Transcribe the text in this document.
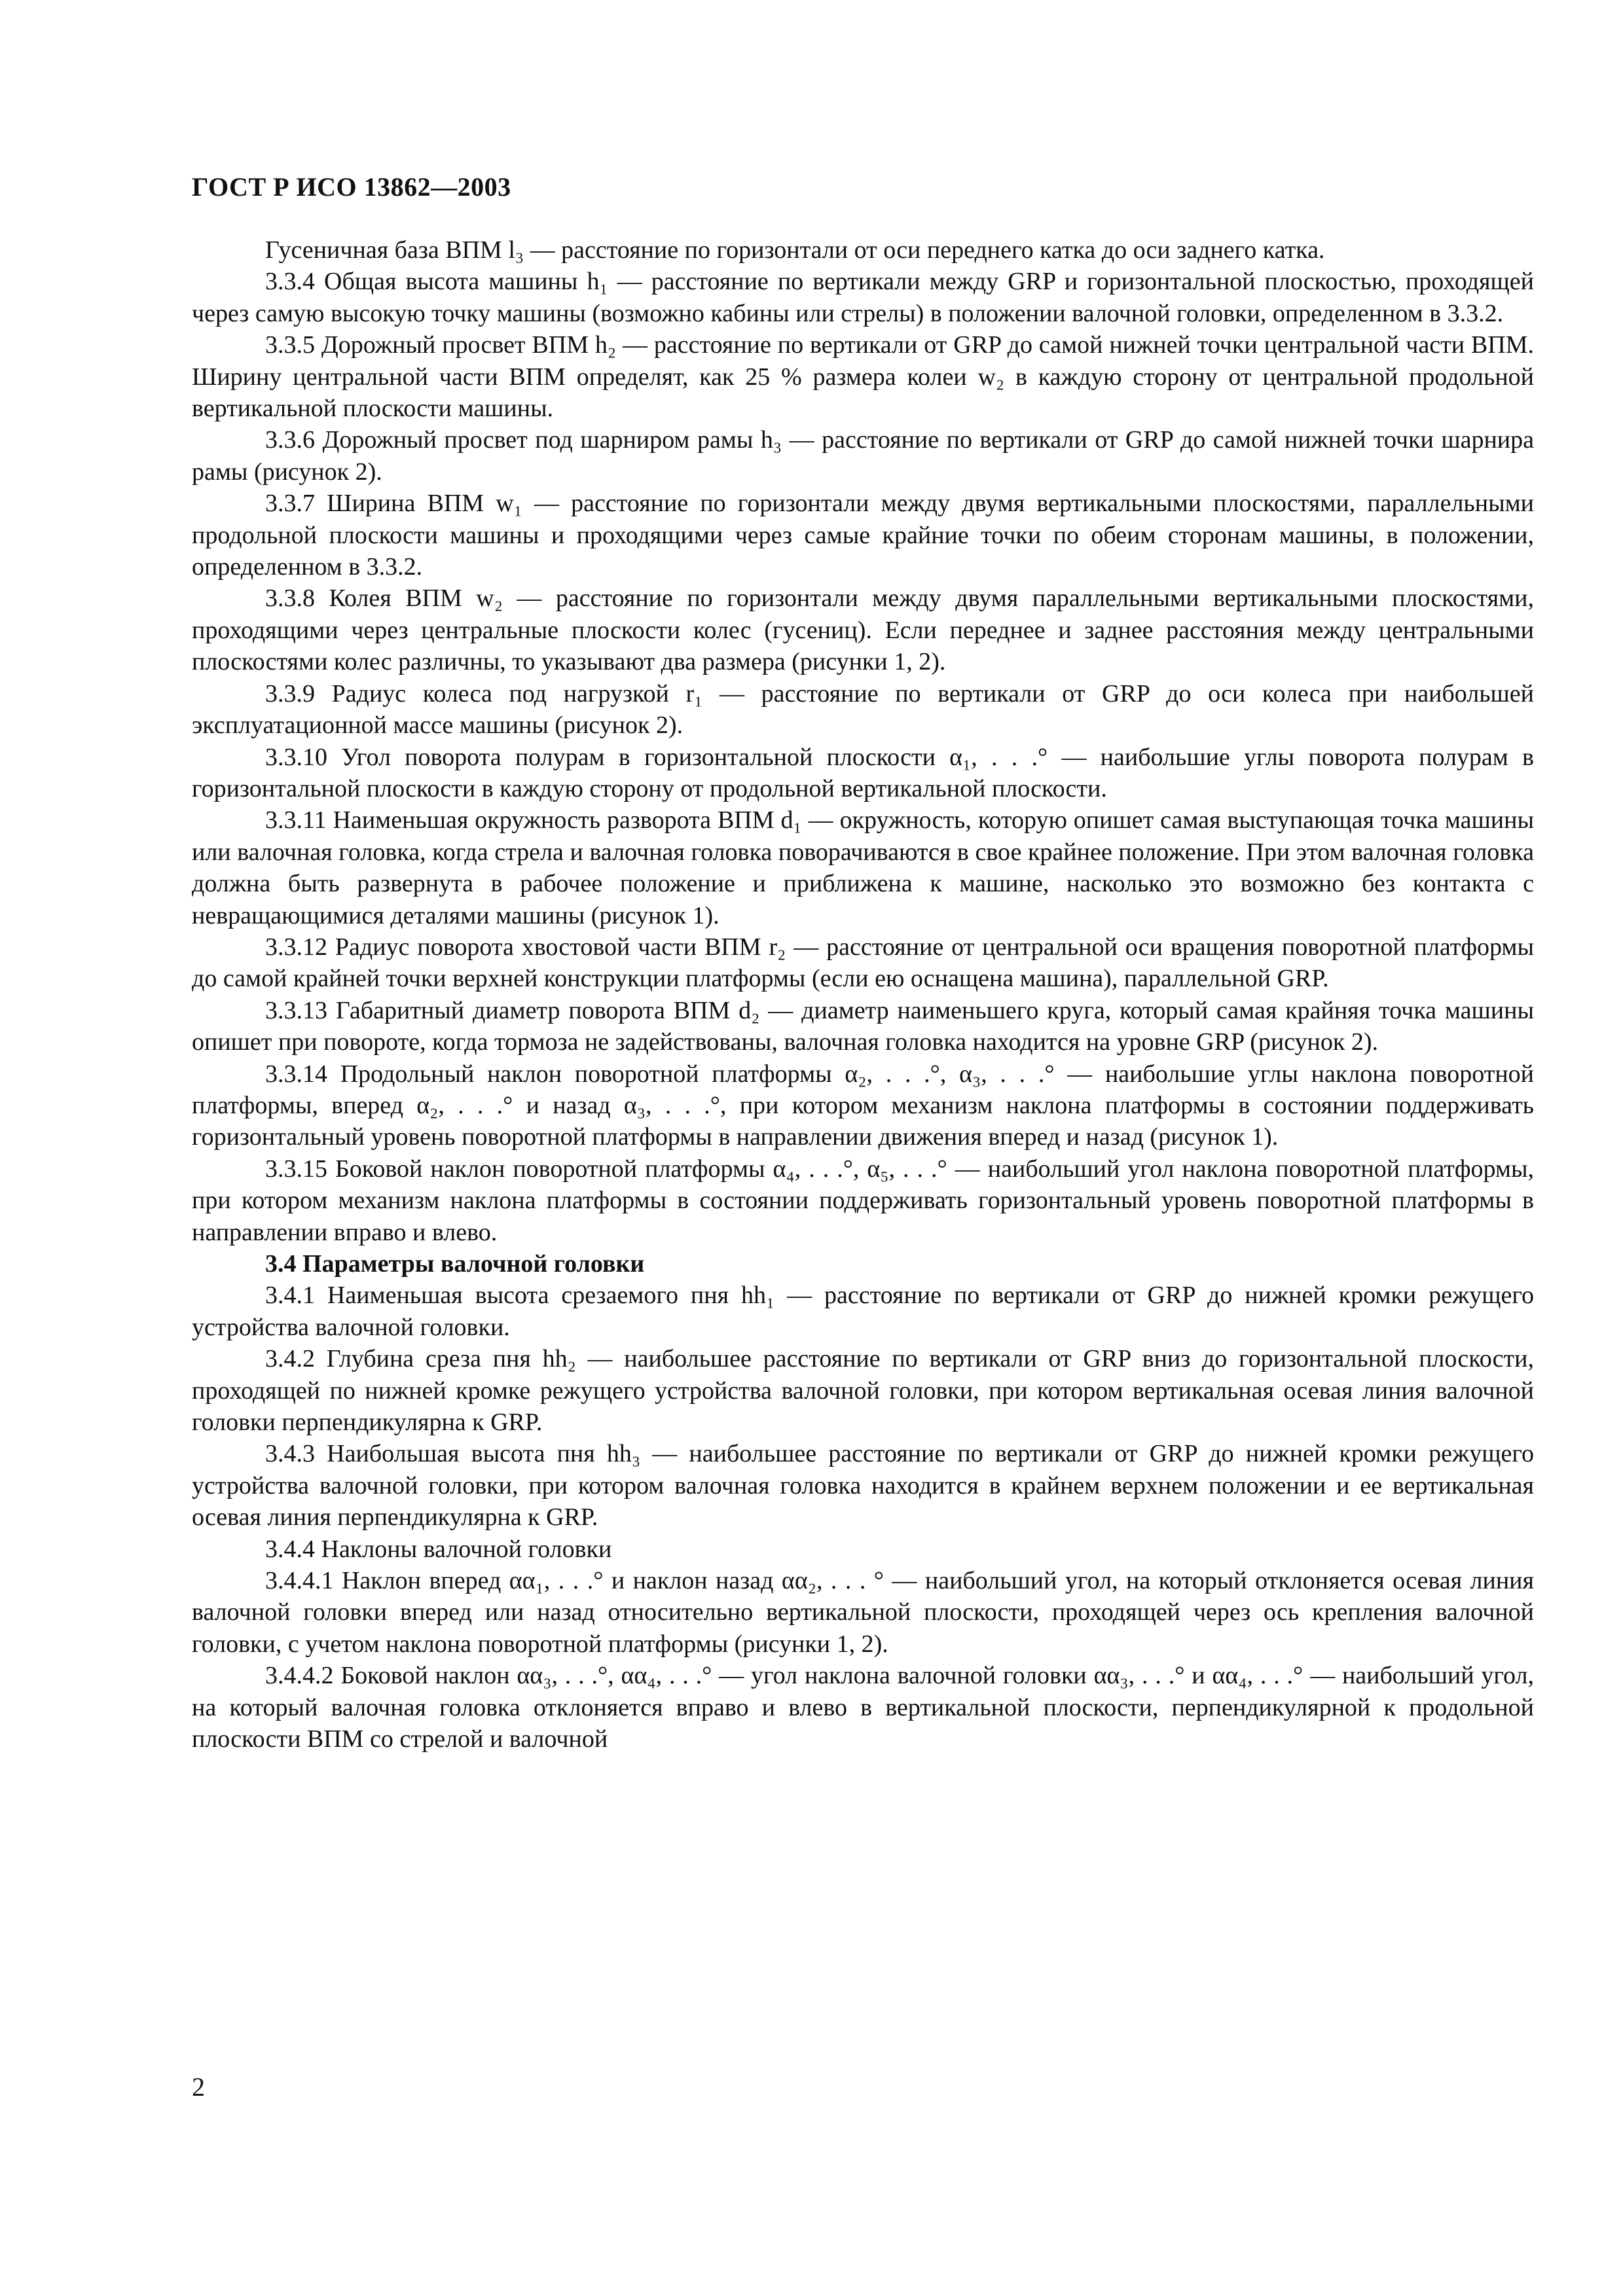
ГОСТ Р ИСО 13862—2003

Гусеничная база ВПМ l₃ — расстояние по горизонтали от оси переднего катка до оси заднего катка.

3.3.4 Общая высота машины h₁ — расстояние по вертикали между GRP и горизонтальной плоскостью, проходящей через самую высокую точку машины (возможно кабины или стрелы) в положении валочной головки, определенном в 3.3.2.

3.3.5 Дорожный просвет ВПМ h₂ — расстояние по вертикали от GRP до самой нижней точки центральной части ВПМ. Ширину центральной части ВПМ определят, как 25 % размера колеи w₂ в каждую сторону от центральной продольной вертикальной плоскости машины.

3.3.6 Дорожный просвет под шарниром рамы h₃ — расстояние по вертикали от GRP до самой нижней точки шарнира рамы (рисунок 2).

3.3.7 Ширина ВПМ w₁ — расстояние по горизонтали между двумя вертикальными плоскостями, параллельными продольной плоскости машины и проходящими через самые крайние точки по обеим сторонам машины, в положении, определенном в 3.3.2.

3.3.8 Колея ВПМ w₂ — расстояние по горизонтали между двумя параллельными вертикальными плоскостями, проходящими через центральные плоскости колес (гусениц). Если переднее и заднее расстояния между центральными плоскостями колес различны, то указывают два размера (рисунки 1, 2).

3.3.9 Радиус колеса под нагрузкой r₁ — расстояние по вертикали от GRP до оси колеса при наибольшей эксплуатационной массе машины (рисунок 2).

3.3.10 Угол поворота полурам в горизонтальной плоскости α₁, . . .° — наибольшие углы поворота полурам в горизонтальной плоскости в каждую сторону от продольной вертикальной плоскости.

3.3.11 Наименьшая окружность разворота ВПМ d₁ — окружность, которую опишет самая выступающая точка машины или валочная головка, когда стрела и валочная головка поворачиваются в свое крайнее положение. При этом валочная головка должна быть развернута в рабочее положение и приближена к машине, насколько это возможно без контакта с невращающимися деталями машины (рисунок 1).

3.3.12 Радиус поворота хвостовой части ВПМ r₂ — расстояние от центральной оси вращения поворотной платформы до самой крайней точки верхней конструкции платформы (если ею оснащена машина), параллельной GRP.

3.3.13 Габаритный диаметр поворота ВПМ d₂ — диаметр наименьшего круга, который самая крайняя точка машины опишет при повороте, когда тормоза не задействованы, валочная головка находится на уровне GRP (рисунок 2).

3.3.14 Продольный наклон поворотной платформы α₂, . . .°, α₃, . . .° — наибольшие углы наклона поворотной платформы, вперед α₂, . . .° и назад α₃, . . .°, при котором механизм наклона платформы в состоянии поддерживать горизонтальный уровень поворотной платформы в направлении движения вперед и назад (рисунок 1).

3.3.15 Боковой наклон поворотной платформы α₄, . . .°, α₅, . . .° — наибольший угол наклона поворотной платформы, при котором механизм наклона платформы в состоянии поддерживать горизонтальный уровень поворотной платформы в направлении вправо и влево.

3.4 Параметры валочной головки

3.4.1 Наименьшая высота срезаемого пня hh₁ — расстояние по вертикали от GRP до нижней кромки режущего устройства валочной головки.

3.4.2 Глубина среза пня hh₂ — наибольшее расстояние по вертикали от GRP вниз до горизонтальной плоскости, проходящей по нижней кромке режущего устройства валочной головки, при котором вертикальная осевая линия валочной головки перпендикулярна к GRP.

3.4.3 Наибольшая высота пня hh₃ — наибольшее расстояние по вертикали от GRP до нижней кромки режущего устройства валочной головки, при котором валочная головка находится в крайнем верхнем положении и ее вертикальная осевая линия перпендикулярна к GRP.

3.4.4 Наклоны валочной головки

3.4.4.1 Наклон вперед αα₁, . . .° и наклон назад αα₂, . . . ° — наибольший угол, на который отклоняется осевая линия валочной головки вперед или назад относительно вертикальной плоскости, проходящей через ось крепления валочной головки, с учетом наклона поворотной платформы (рисунки 1, 2).

3.4.4.2 Боковой наклон αα₃, . . .°, αα₄, . . .° — угол наклона валочной головки αα₃, . . .° и αα₄, . . .° — наибольший угол, на который валочная головка отклоняется вправо и влево в вертикальной плоскости, перпендикулярной к продольной плоскости ВПМ со стрелой и валочной

2
